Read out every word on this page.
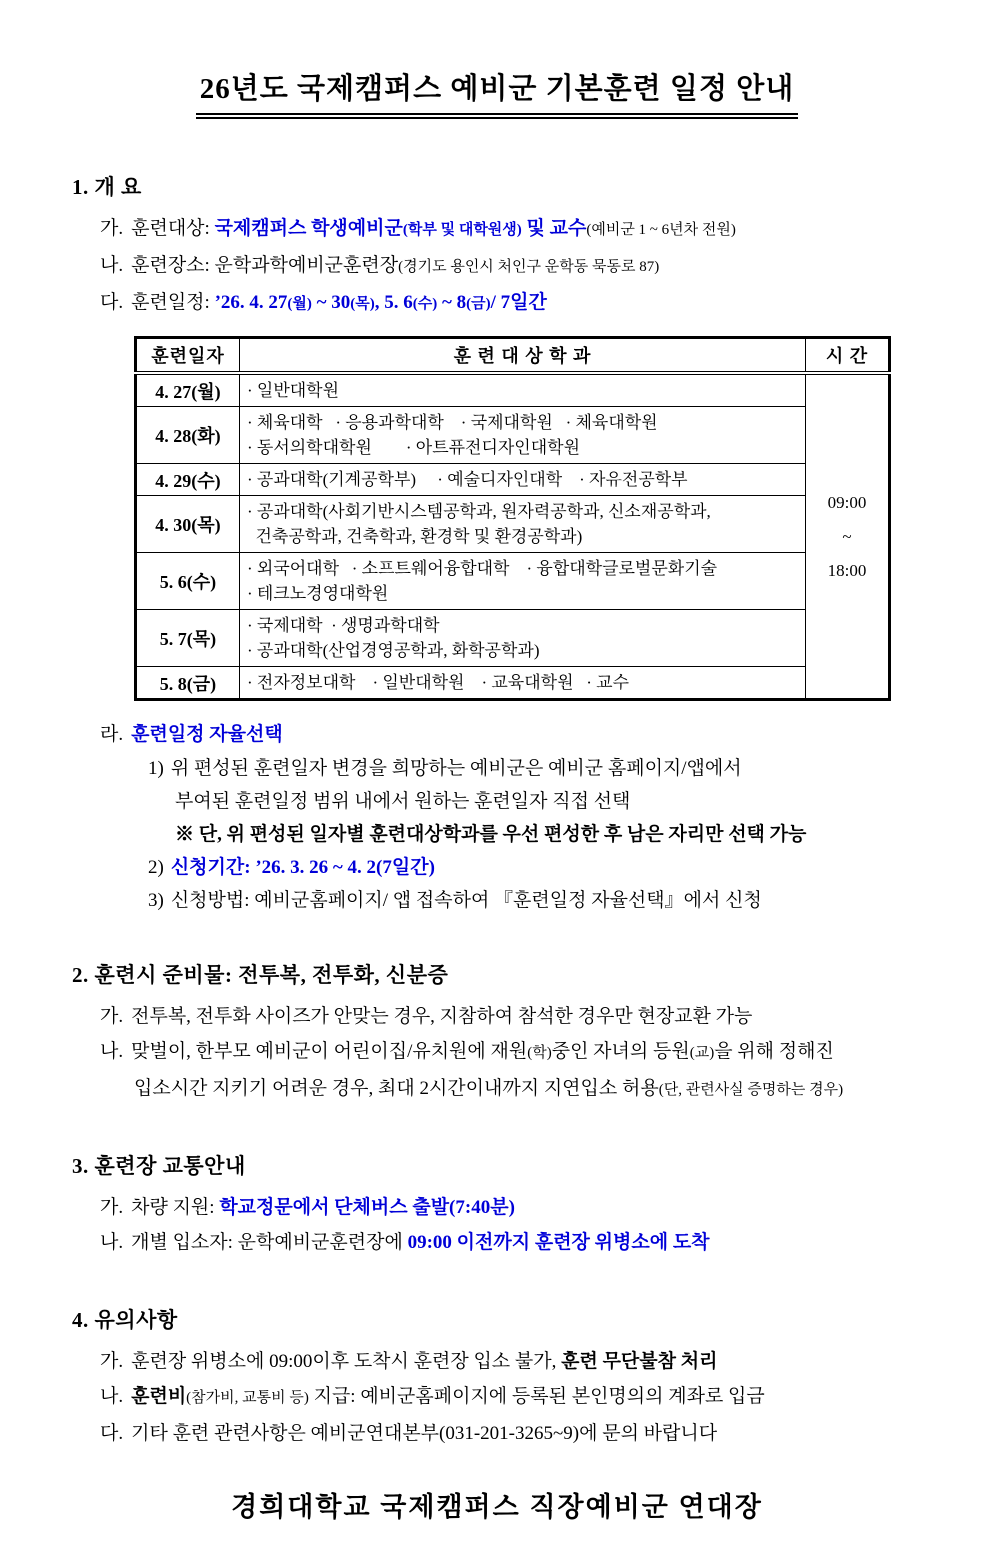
26년도 국제캠퍼스 예비군 기본훈련 일정 안내
1. 개 요
가. 훈련대상: 국제캠퍼스 학생예비군(학부 및 대학원생) 및 교수(예비군 1 ~ 6년차 전원)
나. 훈련장소: 운학과학예비군훈련장(경기도 용인시 처인구 운학동 묵동로 87)
다. 훈련일정: ’26. 4. 27(월) ~ 30(목), 5. 6(수) ~ 8(금)/ 7일간
훈련일자	훈 련 대 상 학 과	시 간
4. 27(월)	· 일반대학원	09:00
~
18:00

4. 28(화)	· 체육대학   · 응용과학대학    · 국제대학원   · 체육대학원
· 동서의학대학원        · 아트퓨전디자인대학원	

4. 29(수)	· 공과대학(기계공학부)     · 예술디자인대학    · 자유전공학부	

4. 30(목)	· 공과대학(사회기반시스템공학과, 원자력공학과, 신소재공학과,
건축공학과, 건축학과, 환경학 및 환경공학과)	

5. 6(수)	· 외국어대학   · 소프트웨어융합대학    · 융합대학글로벌문화기술
· 테크노경영대학원	

5. 7(목)	· 국제대학  · 생명과학대학
· 공과대학(산업경영공학과, 화학공학과)	

5. 8(금)	· 전자정보대학    · 일반대학원    · 교육대학원   · 교수	
라. 훈련일정 자율선택
1) 위 편성된 훈련일자 변경을 희망하는 예비군은 예비군 홈페이지/앱에서
부여된 훈련일정 범위 내에서 원하는 훈련일자 직접 선택
※ 단, 위 편성된 일자별 훈련대상학과를 우선 편성한 후 남은 자리만 선택 가능
2) 신청기간: ’26. 3. 26 ~ 4. 2(7일간)
3) 신청방법: 예비군홈페이지/ 앱 접속하여 『훈련일정 자율선택』에서 신청
2. 훈련시 준비물: 전투복, 전투화, 신분증
가. 전투복, 전투화 사이즈가 안맞는 경우, 지참하여 참석한 경우만 현장교환 가능
나. 맞벌이, 한부모 예비군이 어린이집/유치원에 재원(학)중인 자녀의 등원(교)을 위해 정해진
입소시간 지키기 어려운 경우, 최대 2시간이내까지 지연입소 허용(단, 관련사실 증명하는 경우)
3. 훈련장 교통안내
가. 차량 지원: 학교정문에서 단체버스 출발(7:40분)
나. 개별 입소자: 운학예비군훈련장에 09:00 이전까지 훈련장 위병소에 도착
4. 유의사항
가. 훈련장 위병소에 09:00이후 도착시 훈련장 입소 불가, 훈련 무단불참 처리
나. 훈련비(참가비, 교통비 등) 지급: 예비군홈페이지에 등록된 본인명의의 계좌로 입금
다. 기타 훈련 관련사항은 예비군연대본부(031-201-3265~9)에 문의 바랍니다
경희대학교 국제캠퍼스 직장예비군 연대장
